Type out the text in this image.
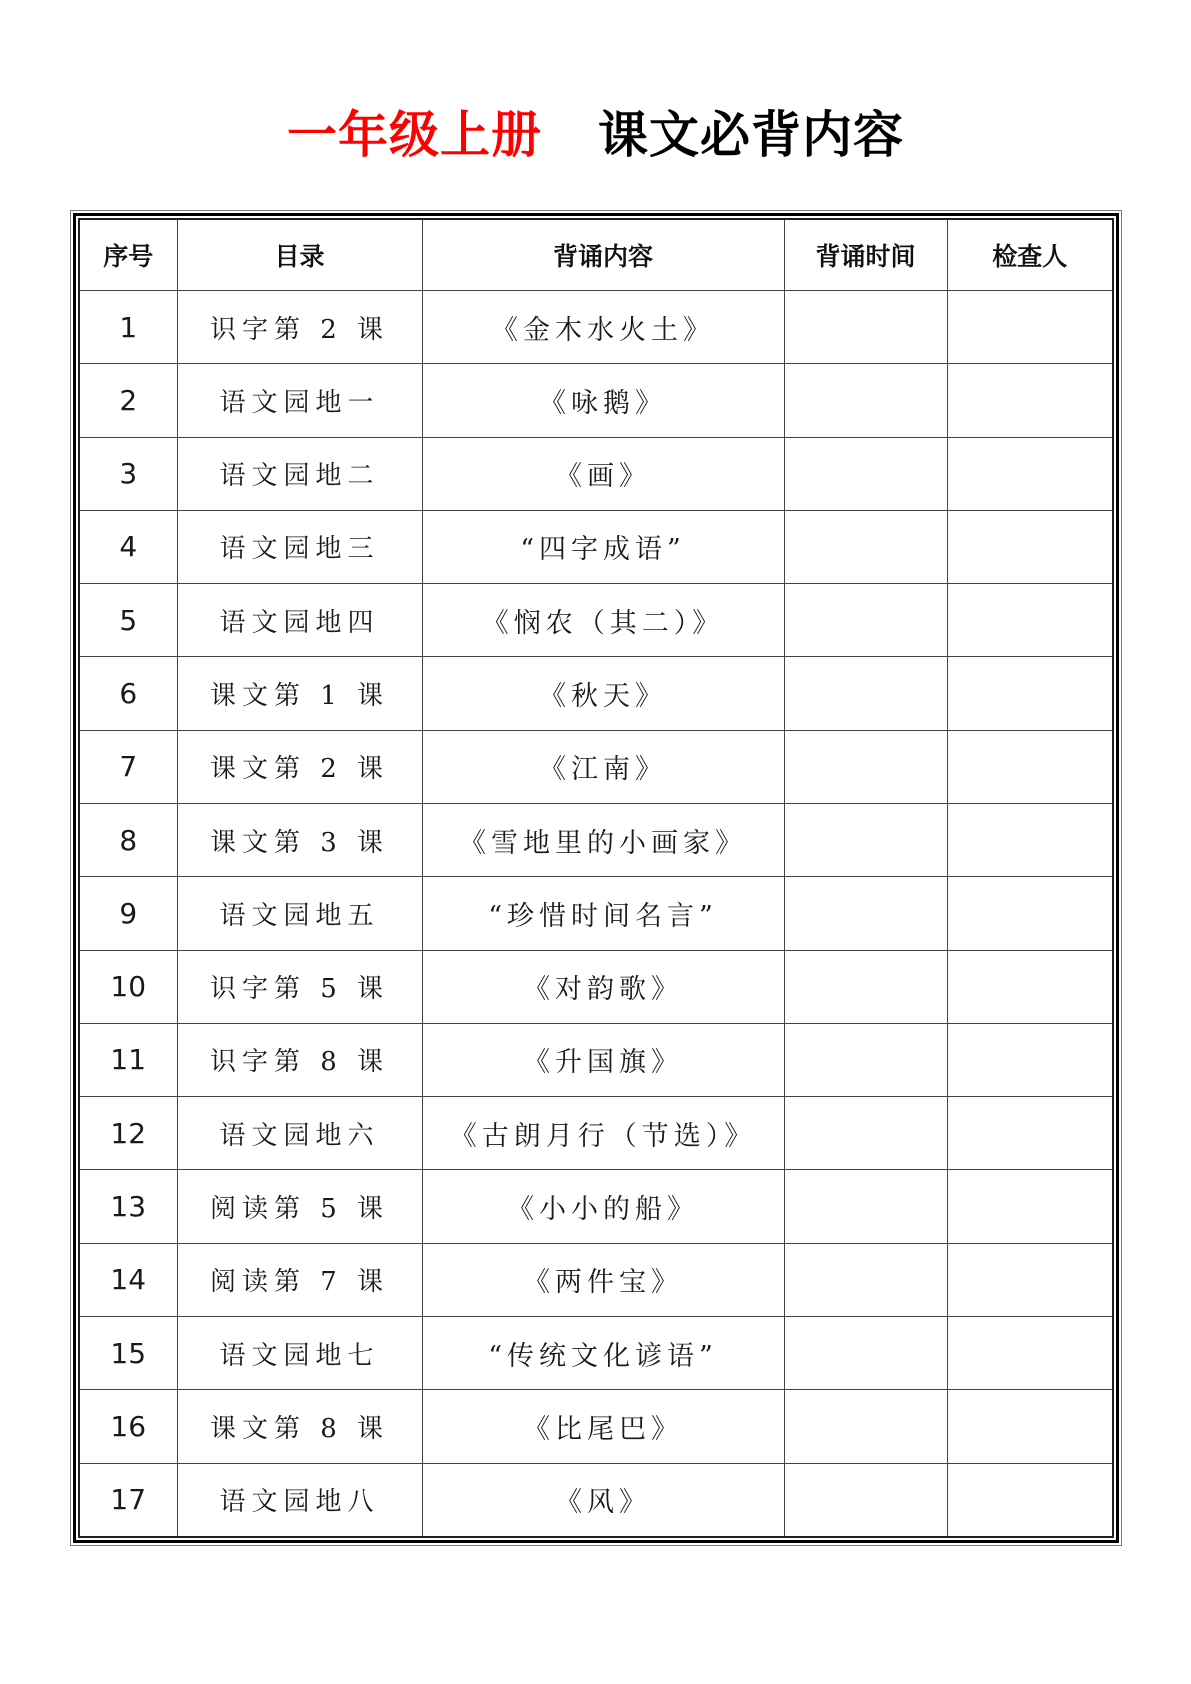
一年级上册 课文必背内容
序号	目录	背诵内容	背诵时间	检查人
1	识字第 2 课	《金木水火土》		
2	语文园地一	《咏鹅》		
3	语文园地二	《画》		
4	语文园地三	“四字成语”		
5	语文园地四	《悯农（其二）》		
6	课文第 1 课	《秋天》		
7	课文第 2 课	《江南》		
8	课文第 3 课	《雪地里的小画家》		
9	语文园地五	“珍惜时间名言”		
10	识字第 5 课	《对韵歌》		
11	识字第 8 课	《升国旗》		
12	语文园地六	《古朗月行（节选）》		
13	阅读第 5 课	《小小的船》		
14	阅读第 7 课	《两件宝》		
15	语文园地七	“传统文化谚语”		
16	课文第 8 课	《比尾巴》		
17	语文园地八	《风》		
